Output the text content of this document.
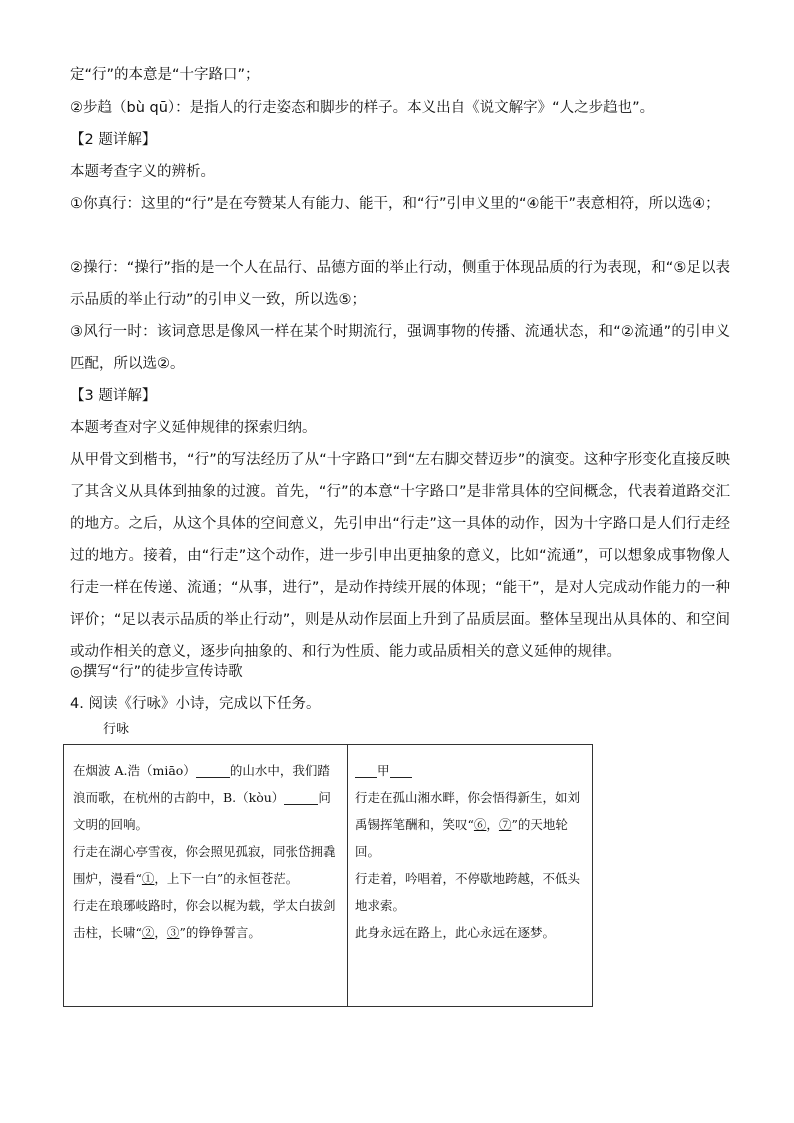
定“行”的本意是“十字路口”；

②步趋（bù qū）：是指人的行走姿态和脚步的样子。本义出自《说文解字》“人之步趋也”。

【2 题详解】

本题考查字义的辨析。

①你真行：这里的“行”是在夸赞某人有能力、能干，和“行”引申义里的“④能干”表意相符，所以选④；

②操行：“操行”指的是一个人在品行、品德方面的举止行动，侧重于体现品质的行为表现，和“⑤足以表示品质的举止行动”的引申义一致，所以选⑤；

③风行一时：该词意思是像风一样在某个时期流行，强调事物的传播、流通状态，和“②流通”的引申义匹配，所以选②。

【3 题详解】

本题考查对字义延伸规律的探索归纳。

从甲骨文到楷书，“行”的写法经历了从“十字路口”到“左右脚交替迈步”的演变。这种字形变化直接反映了其含义从具体到抽象的过渡。首先，“行”的本意“十字路口”是非常具体的空间概念，代表着道路交汇的地方。之后，从这个具体的空间意义，先引申出“行走”这一具体的动作，因为十字路口是人们行走经过的地方。接着，由“行走”这个动作，进一步引申出更抽象的意义，比如“流通”，可以想象成事物像人行走一样在传递、流通；“从事，进行”，是动作持续开展的体现；“能干”，是对人完成动作能力的一种评价；“足以表示品质的举止行动”，则是从动作层面上升到了品质层面。整体呈现出从具体的、和空间或动作相关的意义，逐步向抽象的、和行为性质、能力或品质相关的意义延伸的规律。

◎撰写“行”的徒步宣传诗歌

4. 阅读《行咏》小诗，完成以下任务。

行咏

在烟波 A.浩（miāo）	的山水中，我们踏浪而歌，在杭州的古韵中，B.（kòu）	问文明的回响。

行走在湖心亭雪夜，你会照见孤寂，同张岱拥毳围炉，漫看“①，上下一白”的永恒苍茫。

行走在琅琊岐路时，你会以梶为载，学太白拔剑击柱，长啸“②，③”的铮铮誓言。

甲

行走在孤山湘水畔，你会悟得新生，如刘禹锡挥笔酬和，笑叹“⑥，⑦”的天地轮回。

行走着，吟唱着，不停歇地跨越，不低头地求索。

此身永远在路上，此心永远在逐梦。
